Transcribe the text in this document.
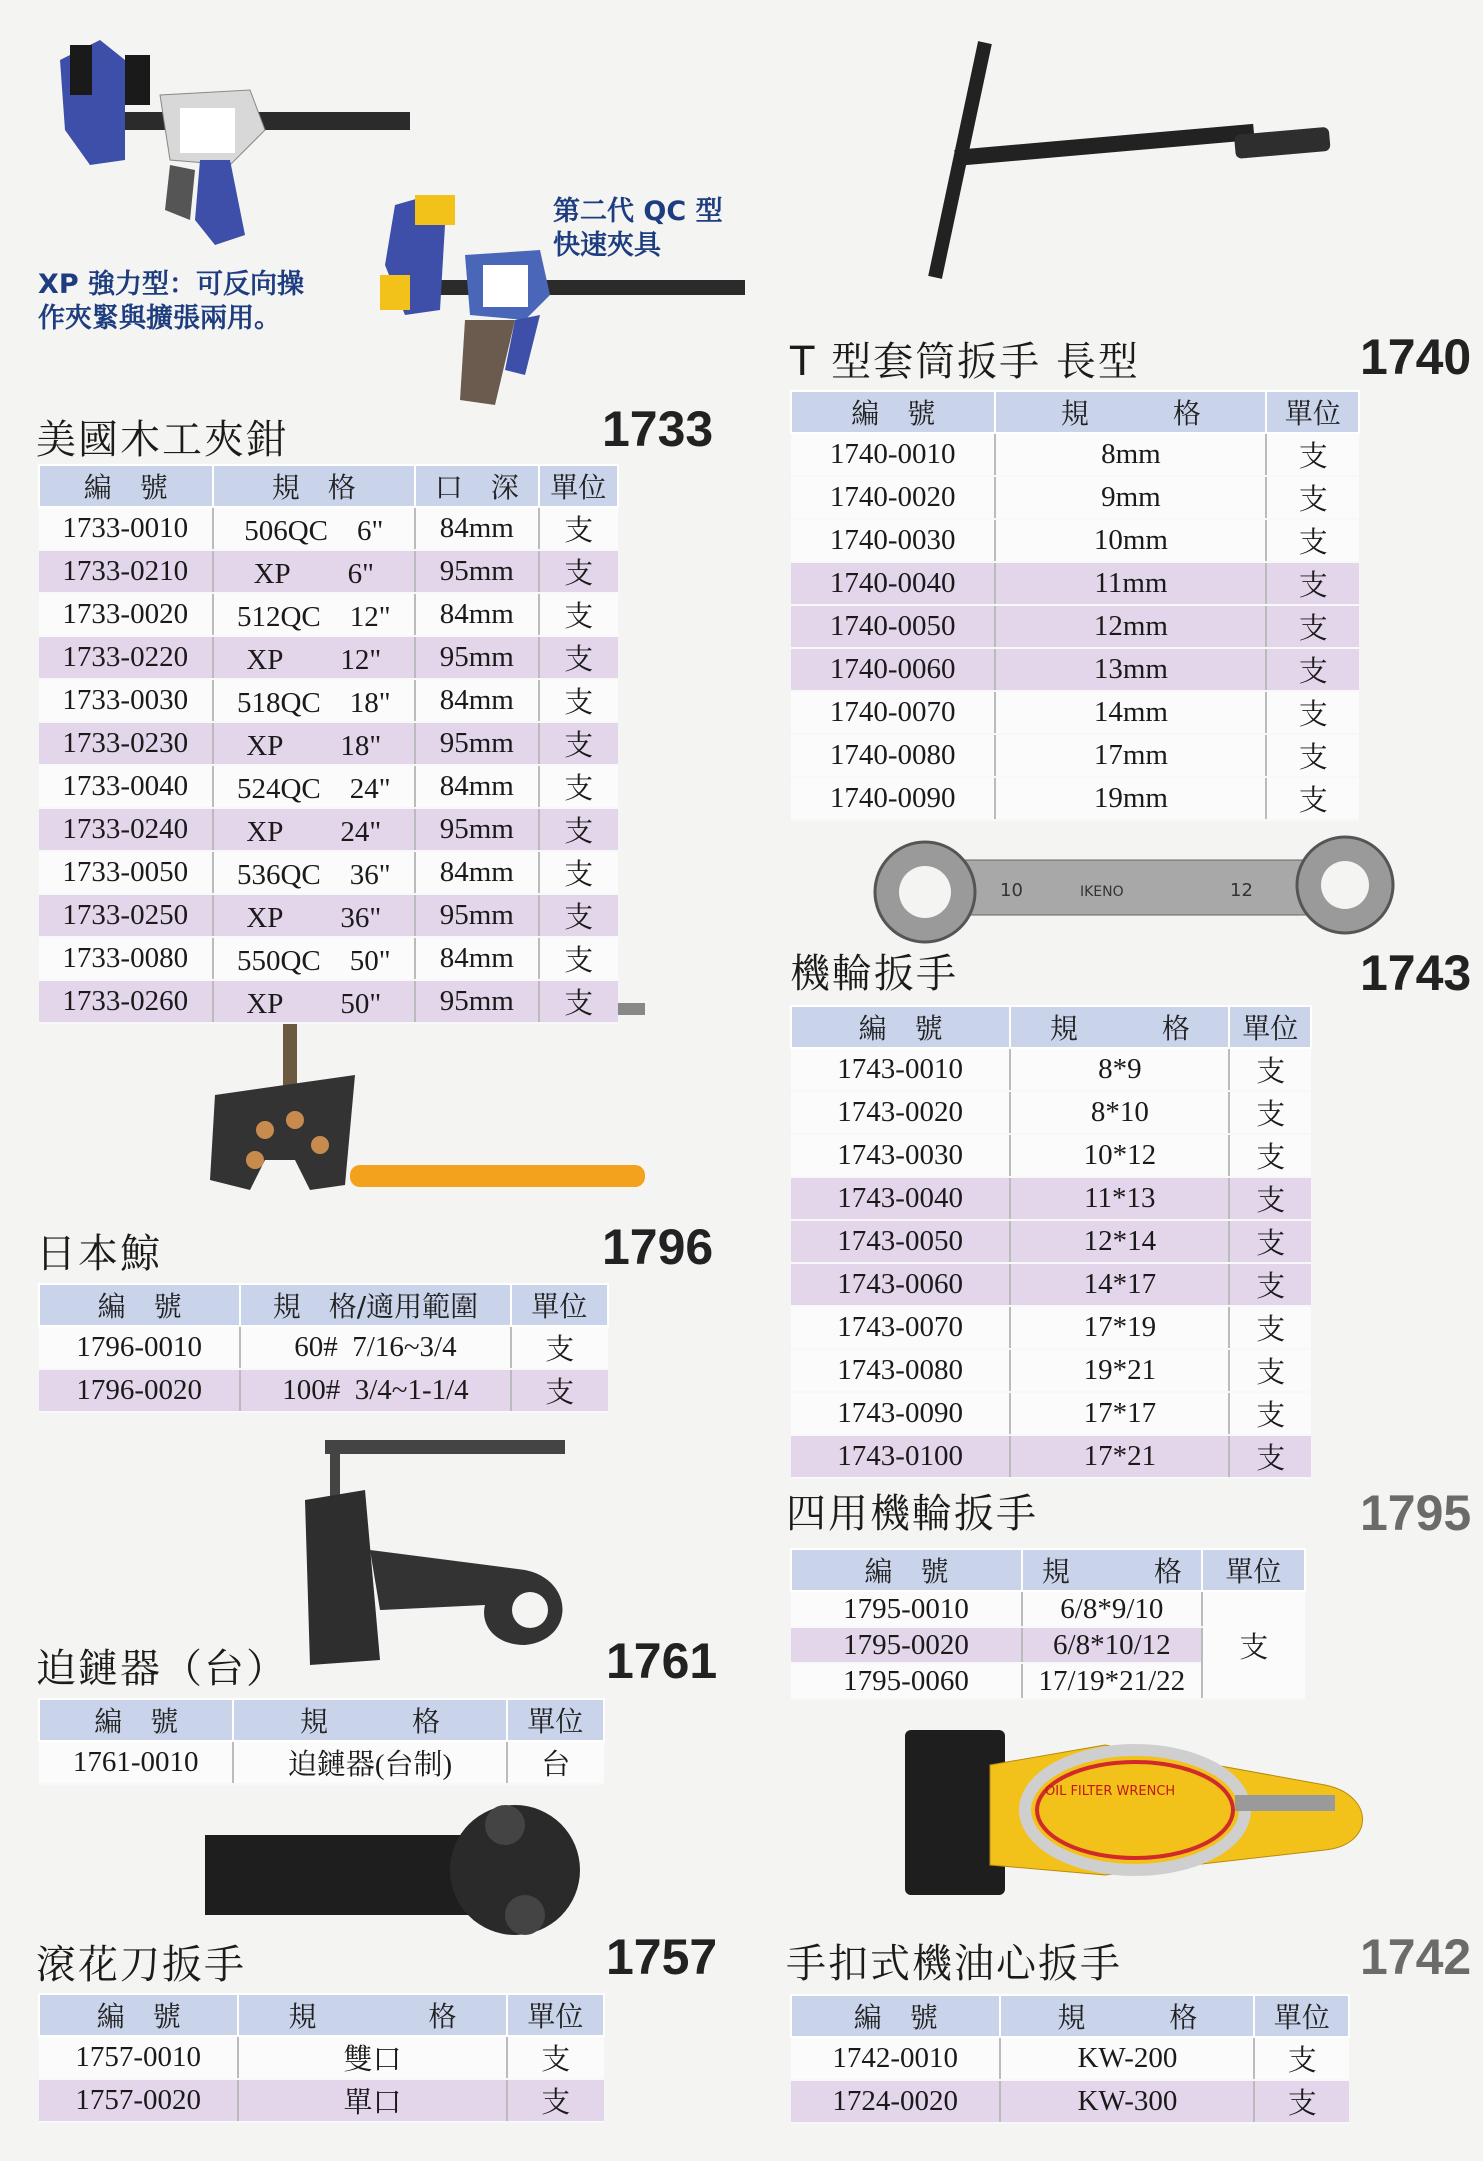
XP 強力型：可反向操
作夾緊與擴張兩用。
第二代 QC 型
快速夾具
10	IKENO	12
OIL FILTER WRENCH
美國木工夾鉗	1733
編　號	規　格	口　深	單位
1733-0010	506QC　6"	84mm	支
1733-0210	XP　　6"	95mm	支
1733-0020	512QC　12"	84mm	支
1733-0220	XP　　12"	95mm	支
1733-0030	518QC　18"	84mm	支
1733-0230	XP　　18"	95mm	支
1733-0040	524QC　24"	84mm	支
1733-0240	XP　　24"	95mm	支
1733-0050	536QC　36"	84mm	支
1733-0250	XP　　36"	95mm	支
1733-0080	550QC　50"	84mm	支
1733-0260	XP　　50"	95mm	支
日本鯨	1796
編　號	規　格/適用範圍	單位
1796-0010	60#  7/16~3/4	支
1796-0020	100#  3/4~1-1/4	支
迫鏈器（台）	1761
編　號	規　　　格	單位
1761-0010	迫鏈器(台制)	台
滾花刀扳手	1757
編　號	規　　　　格	單位
1757-0010	雙口	支
1757-0020	單口	支
T 型套筒扳手 長型	1740
編　號	規　　　格	單位
1740-0010	8mm	支
1740-0020	9mm	支
1740-0030	10mm	支
1740-0040	11mm	支
1740-0050	12mm	支
1740-0060	13mm	支
1740-0070	14mm	支
1740-0080	17mm	支
1740-0090	19mm	支
機輪扳手	1743
編　號	規　　　格	單位
1743-0010	8*9	支
1743-0020	8*10	支
1743-0030	10*12	支
1743-0040	11*13	支
1743-0050	12*14	支
1743-0060	14*17	支
1743-0070	17*19	支
1743-0080	19*21	支
1743-0090	17*17	支
1743-0100	17*21	支
四用機輪扳手	1795
編　號	規　　　格	單位
1795-0010	6/8*9/10	支
1795-0020	6/8*10/12	
1795-0060	17/19*21/22	
手扣式機油心扳手	1742
編　號	規　　　格	單位
1742-0010	KW-200	支
1724-0020	KW-300	支
